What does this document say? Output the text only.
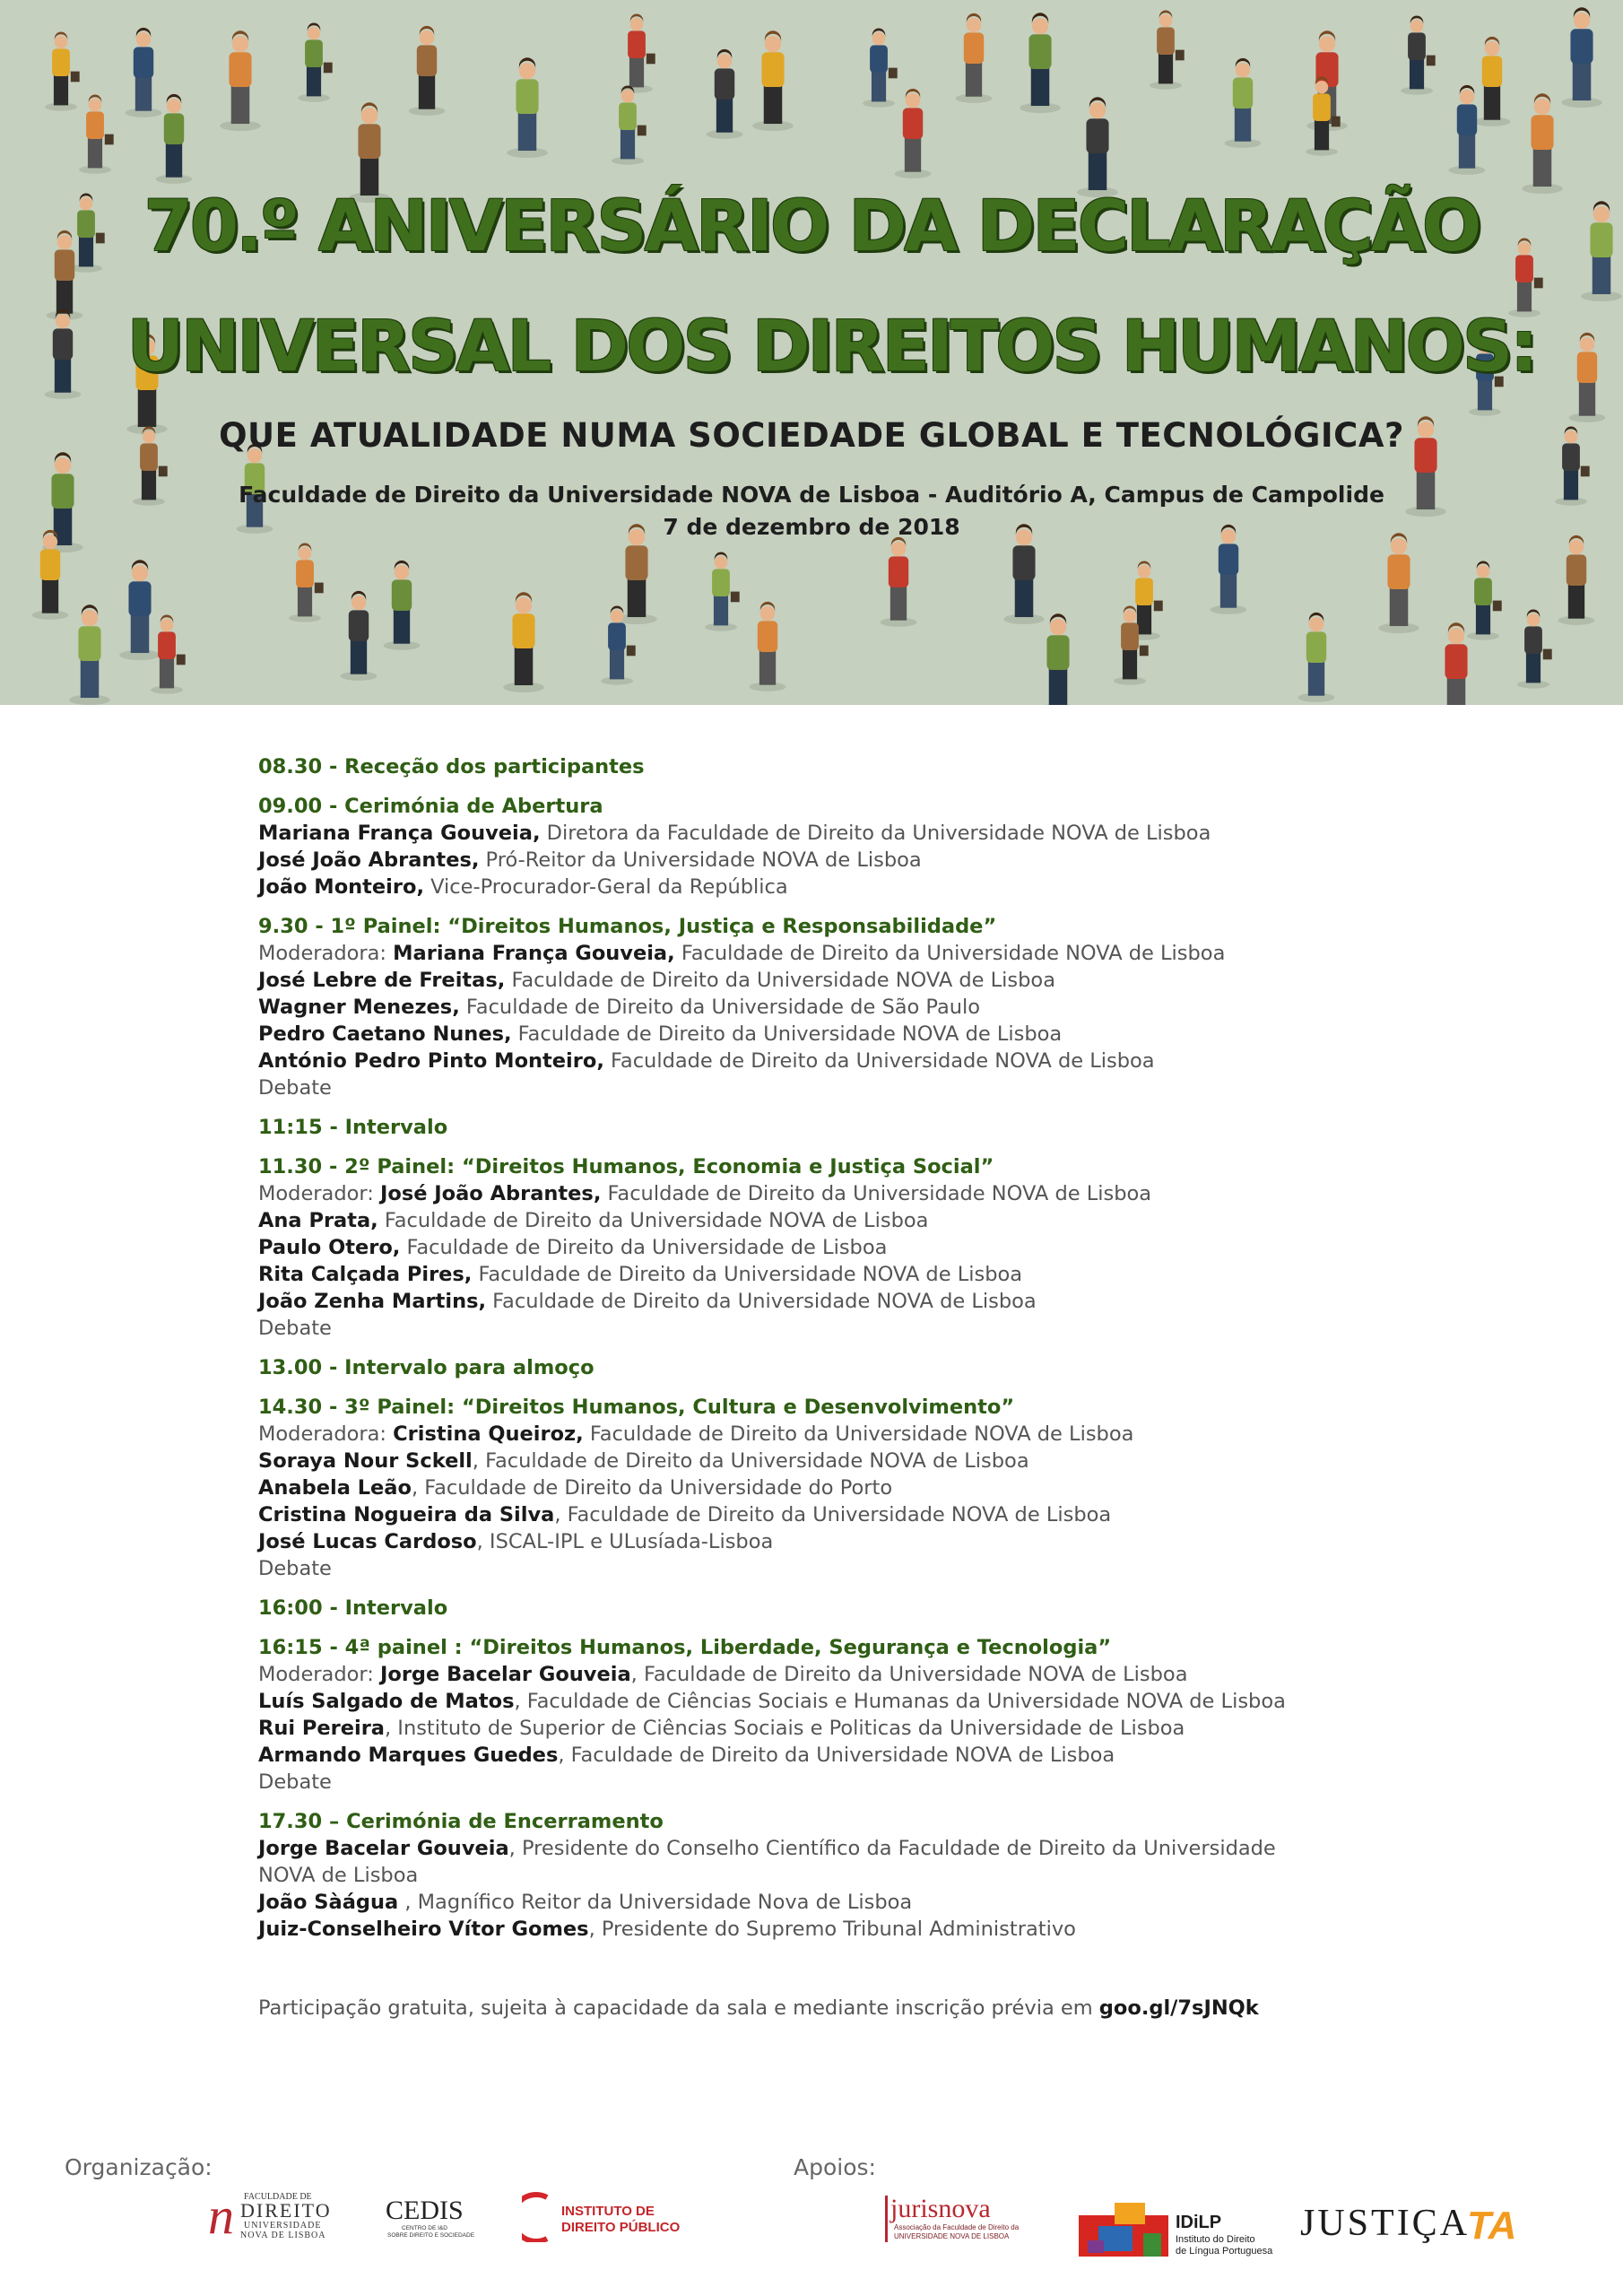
70.º ANIVERSÁRIO DA DECLARAÇÃO
UNIVERSAL DOS DIREITOS HUMANOS:
QUE ATUALIDADE NUMA SOCIEDADE GLOBAL E TECNOLÓGICA?
Faculdade de Direito da Universidade NOVA de Lisboa - Auditório A, Campus de Campolide
7 de dezembro de 2018
08.30 - Receção dos participantes
09.00 - Cerimónia de Abertura
Mariana França Gouveia, Diretora da Faculdade de Direito da Universidade NOVA de Lisboa
José João Abrantes, Pró-Reitor da Universidade NOVA de Lisboa
João Monteiro, Vice-Procurador-Geral da República
9.30 - 1º Painel: “Direitos Humanos, Justiça e Responsabilidade”
Moderadora: Mariana França Gouveia, Faculdade de Direito da Universidade NOVA de Lisboa
José Lebre de Freitas, Faculdade de Direito da Universidade NOVA de Lisboa
Wagner Menezes, Faculdade de Direito da Universidade de São Paulo
Pedro Caetano Nunes, Faculdade de Direito da Universidade NOVA de Lisboa
António Pedro Pinto Monteiro, Faculdade de Direito da Universidade NOVA de Lisboa
Debate
11:15 - Intervalo
11.30 - 2º Painel: “Direitos Humanos, Economia e Justiça Social”
Moderador: José João Abrantes, Faculdade de Direito da Universidade NOVA de Lisboa
Ana Prata, Faculdade de Direito da Universidade NOVA de Lisboa
Paulo Otero, Faculdade de Direito da Universidade de Lisboa
Rita Calçada Pires, Faculdade de Direito da Universidade NOVA de Lisboa
João Zenha Martins, Faculdade de Direito da Universidade NOVA de Lisboa
Debate
13.00 - Intervalo para almoço
14.30 - 3º Painel: “Direitos Humanos, Cultura e Desenvolvimento”
Moderadora: Cristina Queiroz, Faculdade de Direito da Universidade NOVA de Lisboa
Soraya Nour Sckell, Faculdade de Direito da Universidade NOVA de Lisboa
Anabela Leão, Faculdade de Direito da Universidade do Porto
Cristina Nogueira da Silva, Faculdade de Direito da Universidade NOVA de Lisboa
José Lucas Cardoso, ISCAL-IPL e ULusíada-Lisboa
Debate
16:00 - Intervalo
16:15 - 4ª painel : “Direitos Humanos, Liberdade, Segurança e Tecnologia”
Moderador: Jorge Bacelar Gouveia, Faculdade de Direito da Universidade NOVA de Lisboa
Luís Salgado de Matos, Faculdade de Ciências Sociais e Humanas da Universidade NOVA de Lisboa
Rui Pereira, Instituto de Superior de Ciências Sociais e Politicas da Universidade de Lisboa
Armando Marques Guedes, Faculdade de Direito da Universidade NOVA de Lisboa
Debate
17.30 – Cerimónia de Encerramento
Jorge Bacelar Gouveia, Presidente do Conselho Científico da Faculdade de Direito da Universidade NOVA de Lisboa
João Sàágua , Magnífico Reitor da Universidade Nova de Lisboa
Juiz-Conselheiro Vítor Gomes, Presidente do Supremo Tribunal Administrativo
Participação gratuita, sujeita à capacidade da sala e mediante inscrição prévia em goo.gl/7sJNQk
Organização:	Apoios:
n FACULDADE DE
DIREITO
UNIVERSIDADE
NOVA DE LISBOA
CEDIS
CENTRO DE I&D
SOBRE DIREITO E SOCIEDADE
INSTITUTO DE
DIREITO PÚBLICO
jurisnova
Associação da Faculdade de Direito da
UNIVERSIDADE NOVA DE LISBOA
IDiLP
Instituto do Direito
de Língua Portuguesa
JUSTIÇA
TA
